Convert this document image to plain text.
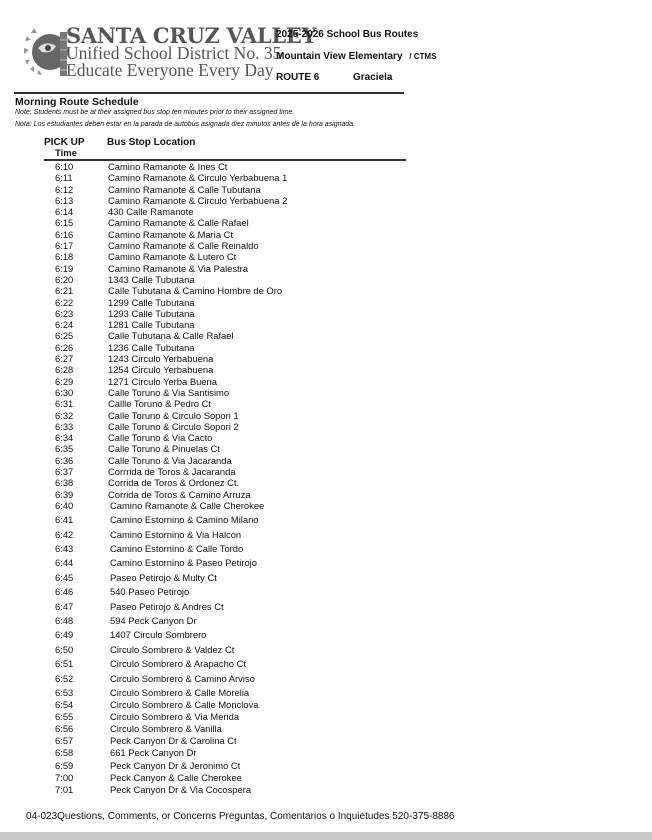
SANTA CRUZ VALLEY
Unified School District No. 35
Educate Everyone Every Day
2025-2026 School Bus Routes
Mountain View Elementary / CTMS
ROUTE 6	Graciela
Morning Route Schedule
Note: Students must be at their assigned bus stop ten minutes prior to their assigned time.
Nota: Los estudiantes deben estar en la parada de autobús asignada diez minutos antes de la hora asignada.
PICK UP
Time
Bus Stop Location
6:10	Camino Ramanote & Ines Ct
6:11	Camino Ramanote & Circulo Yerbabuena 1
6:12	Camino Ramanote & Calle Tubutana
6:13	Camino Ramanote & Circulo Yerbabuena 2
6:14	430 Calle Ramanote
6:15	Camino Ramanote & Calle Rafael
6:16	Camino Ramanote & Maria Ct
6:17	Camino Ramanote & Calle Reinaldo
6:18	Camino Ramanote & Lutero Ct
6:19	Camino Ramanote & Via Palestra
6:20	1343 Calle Tubutana
6:21	Calle Tubutana & Camino Hombre de Oro
6:22	1299 Calle Tubutana
6:23	1293 Calle Tubutana
6:24	1281 Calle Tubutana
6:25	Calle Tubutana & Calle Rafael
6:26	1236 Calle Tubutana
6:27	1243 Circulo Yerbabuena
6:28	1254 Circulo Yerbabuena
6:29	1271 Circulo Yerba Buena
6:30	Calle Toruno & Via Santisimo
6:31	Callle Toruno & Pedro Ct
6:32	Calle Toruno & Circulo Sopori 1
6:33	Calle Toruno & Circulo Sopori 2
6:34	Calle Toruno & Via Cacto
6:35	Calle Toruno & Pinuelas Ct
6:36	Calle Toruno & Via Jacaranda
6:37	Corrrida de Toros & Jacaranda
6:38	Corrida de Toros & Ordonez Ct.
6:39	Corrida de Toros & Camino Arruza
6:40	Camino Ramanote & Calle Cherokee
6:41	Camino Estornino & Camino Milano
6:42	Camino Estornino & Via Halcon
6:43	Camino Estornino & Calle Tordo
6:44	Camino Estornino & Paseo Petirojo
6:45	Paseo Petirojo & Multy Ct
6:46	540 Paseo Petirojo
6:47	Paseo Petirojo & Andres Ct
6:48	594 Peck Canyon Dr
6:49	1407 Circulo Sombrero
6:50	Circulo Sombrero & Valdez Ct
6:51	Circulo Sombrero & Arapacho Ct
6:52	Circulo Sombrero & Camino Arviso
6:53	Circulo Sombrero & Calle Morelia
6:54	Circulo Sombrero & Calle Monclova
6:55	Circulo Sombrero & Via Merida
6:56	Circulo Sombrero & Vanilla
6:57	Peck Canyon Dr & Carolina Ct
6:58	661 Peck Canyon Dr
6:59	Peck Canyon Dr & Jeronimo Ct
7:00	Peck Canyon & Calle Cherokee
7:01	Peck Canyon Dr & Via Cocospera
04-023Questions, Comments, or Concerns Preguntas, Comentarios o Inquietudes 520-375-8886
